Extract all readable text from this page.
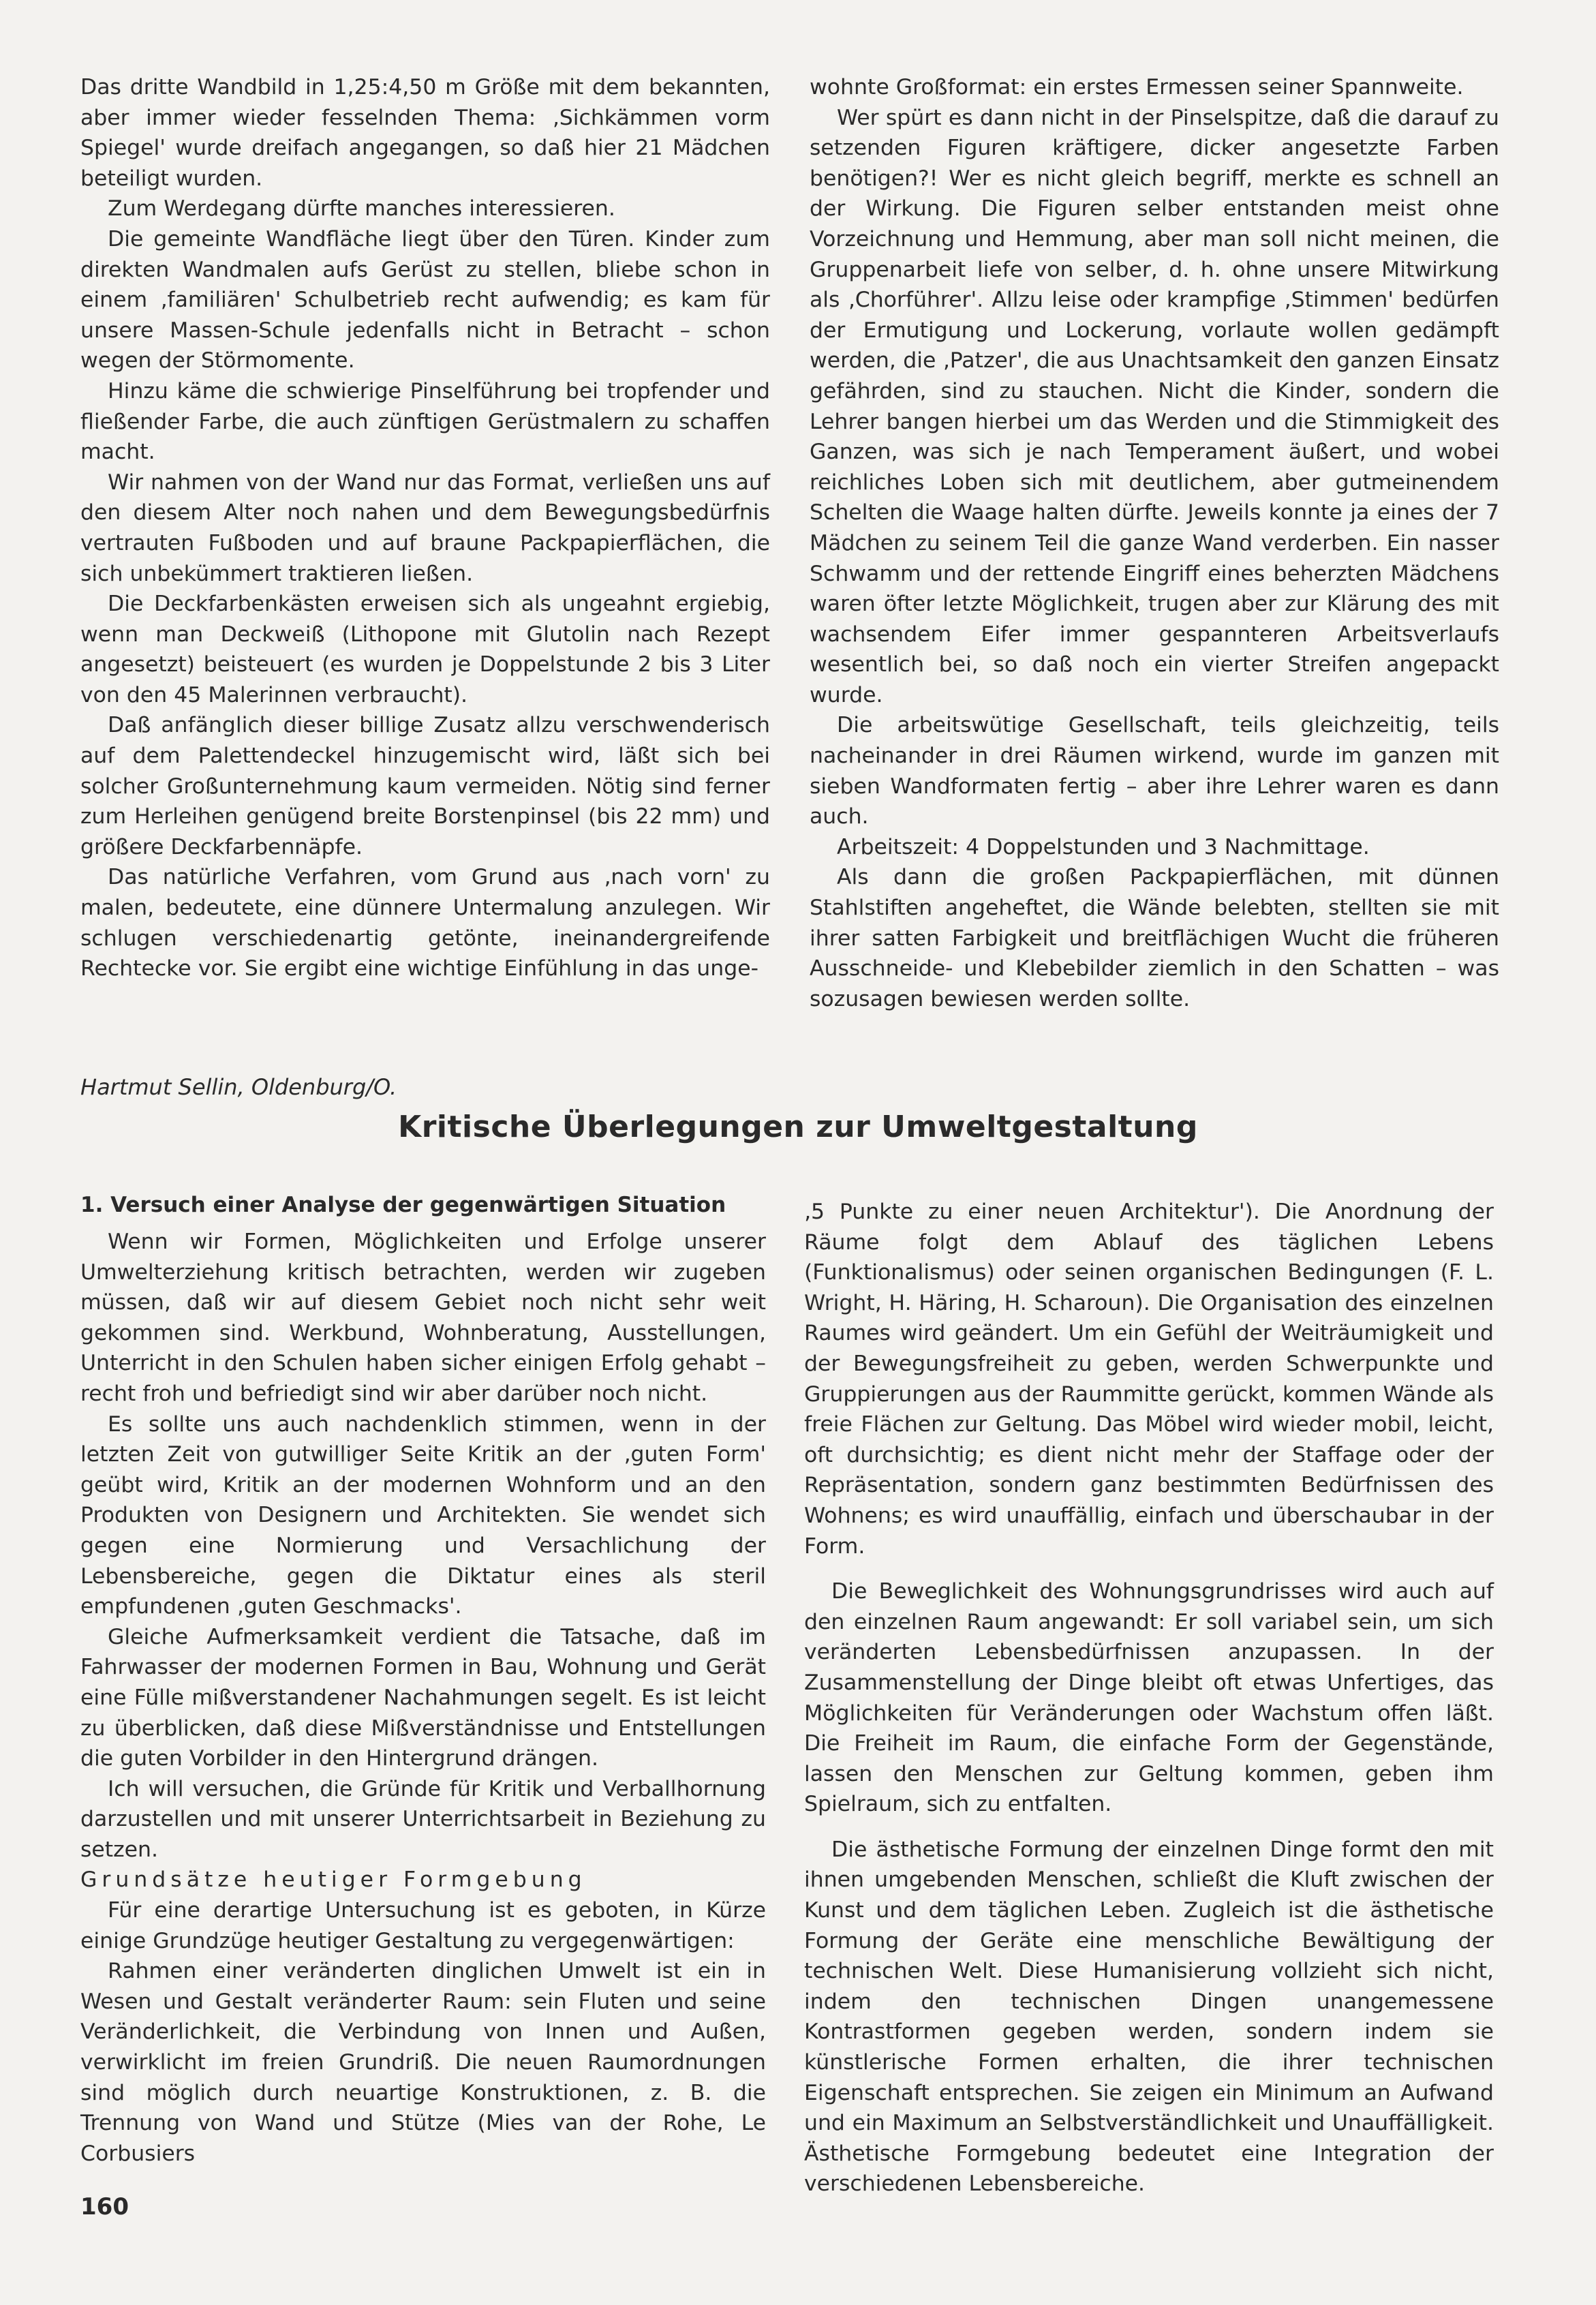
Das dritte Wandbild in 1,25:4,50 m Größe mit dem bekannten, aber immer wieder fesselnden Thema: ‚Sichkämmen vorm Spiegel' wurde dreifach angegangen, so daß hier 21 Mädchen beteiligt wurden.

Zum Werdegang dürfte manches interessieren.

Die gemeinte Wandfläche liegt über den Türen. Kinder zum direkten Wandmalen aufs Gerüst zu stellen, bliebe schon in einem ‚familiären' Schulbetrieb recht aufwendig; es kam für unsere Massen-Schule jedenfalls nicht in Betracht – schon wegen der Störmomente.

Hinzu käme die schwierige Pinselführung bei tropfender und fließender Farbe, die auch zünftigen Gerüstmalern zu schaffen macht.

Wir nahmen von der Wand nur das Format, verließen uns auf den diesem Alter noch nahen und dem Bewegungsbedürfnis vertrauten Fußboden und auf braune Packpapierflächen, die sich unbekümmert traktieren ließen.

Die Deckfarbenkästen erweisen sich als ungeahnt ergiebig, wenn man Deckweiß (Lithopone mit Glutolin nach Rezept angesetzt) beisteuert (es wurden je Doppelstunde 2 bis 3 Liter von den 45 Malerinnen verbraucht).

Daß anfänglich dieser billige Zusatz allzu verschwenderisch auf dem Palettendeckel hinzugemischt wird, läßt sich bei solcher Großunternehmung kaum vermeiden. Nötig sind ferner zum Herleihen genügend breite Borstenpinsel (bis 22 mm) und größere Deckfarbennäpfe.

Das natürliche Verfahren, vom Grund aus ‚nach vorn' zu malen, bedeutete, eine dünnere Untermalung anzulegen. Wir schlugen verschiedenartig getönte, ineinandergreifende Rechtecke vor. Sie ergibt eine wichtige Einfühlung in das unge-

wohnte Großformat: ein erstes Ermessen seiner Spannweite.

Wer spürt es dann nicht in der Pinselspitze, daß die darauf zu setzenden Figuren kräftigere, dicker angesetzte Farben benötigen?! Wer es nicht gleich begriff, merkte es schnell an der Wirkung. Die Figuren selber entstanden meist ohne Vorzeichnung und Hemmung, aber man soll nicht meinen, die Gruppenarbeit liefe von selber, d. h. ohne unsere Mitwirkung als ‚Chorführer'. Allzu leise oder krampfige ‚Stimmen' bedürfen der Ermutigung und Lockerung, vorlaute wollen gedämpft werden, die ‚Patzer', die aus Unachtsamkeit den ganzen Einsatz gefährden, sind zu stauchen. Nicht die Kinder, sondern die Lehrer bangen hierbei um das Werden und die Stimmigkeit des Ganzen, was sich je nach Temperament äußert, und wobei reichliches Loben sich mit deutlichem, aber gutmeinendem Schelten die Waage halten dürfte. Jeweils konnte ja eines der 7 Mädchen zu seinem Teil die ganze Wand verderben. Ein nasser Schwamm und der rettende Eingriff eines beherzten Mädchens waren öfter letzte Möglichkeit, trugen aber zur Klärung des mit wachsendem Eifer immer gespannteren Arbeitsverlaufs wesentlich bei, so daß noch ein vierter Streifen angepackt wurde.

Die arbeitswütige Gesellschaft, teils gleichzeitig, teils nacheinander in drei Räumen wirkend, wurde im ganzen mit sieben Wandformaten fertig – aber ihre Lehrer waren es dann auch.

Arbeitszeit: 4 Doppelstunden und 3 Nachmittage.

Als dann die großen Packpapierflächen, mit dünnen Stahlstiften angeheftet, die Wände belebten, stellten sie mit ihrer satten Farbigkeit und breitflächigen Wucht die früheren Ausschneide- und Klebebilder ziemlich in den Schatten – was sozusagen bewiesen werden sollte.

Hartmut Sellin, Oldenburg/O.
Kritische Überlegungen zur Umweltgestaltung
1. Versuch einer Analyse der gegenwärtigen Situation

Wenn wir Formen, Möglichkeiten und Erfolge unserer Umwelterziehung kritisch betrachten, werden wir zugeben müssen, daß wir auf diesem Gebiet noch nicht sehr weit gekommen sind. Werkbund, Wohnberatung, Ausstellungen, Unterricht in den Schulen haben sicher einigen Erfolg gehabt – recht froh und befriedigt sind wir aber darüber noch nicht.

Es sollte uns auch nachdenklich stimmen, wenn in der letzten Zeit von gutwilliger Seite Kritik an der ‚guten Form' geübt wird, Kritik an der modernen Wohnform und an den Produkten von Designern und Architekten. Sie wendet sich gegen eine Normierung und Versachlichung der Lebensbereiche, gegen die Diktatur eines als steril empfundenen ‚guten Geschmacks'.

Gleiche Aufmerksamkeit verdient die Tatsache, daß im Fahrwasser der modernen Formen in Bau, Wohnung und Gerät eine Fülle mißverstandener Nachahmungen segelt. Es ist leicht zu überblicken, daß diese Mißverständnisse und Entstellungen die guten Vorbilder in den Hintergrund drängen.

Ich will versuchen, die Gründe für Kritik und Verballhornung darzustellen und mit unserer Unterrichtsarbeit in Beziehung zu setzen.

Grundsätze heutiger Formgebung

Für eine derartige Untersuchung ist es geboten, in Kürze einige Grundzüge heutiger Gestaltung zu vergegenwärtigen:

Rahmen einer veränderten dinglichen Umwelt ist ein in Wesen und Gestalt veränderter Raum: sein Fluten und seine Veränderlichkeit, die Verbindung von Innen und Außen, verwirklicht im freien Grundriß. Die neuen Raumordnungen sind möglich durch neuartige Konstruktionen, z. B. die Trennung von Wand und Stütze (Mies van der Rohe, Le Corbusiers

‚5 Punkte zu einer neuen Architektur'). Die Anordnung der Räume folgt dem Ablauf des täglichen Lebens (Funktionalismus) oder seinen organischen Bedingungen (F. L. Wright, H. Häring, H. Scharoun). Die Organisation des einzelnen Raumes wird geändert. Um ein Gefühl der Weiträumigkeit und der Bewegungsfreiheit zu geben, werden Schwerpunkte und Gruppierungen aus der Raummitte gerückt, kommen Wände als freie Flächen zur Geltung. Das Möbel wird wieder mobil, leicht, oft durchsichtig; es dient nicht mehr der Staffage oder der Repräsentation, sondern ganz bestimmten Bedürfnissen des Wohnens; es wird unauffällig, einfach und überschaubar in der Form.

Die Beweglichkeit des Wohnungsgrundrisses wird auch auf den einzelnen Raum angewandt: Er soll variabel sein, um sich veränderten Lebensbedürfnissen anzupassen. In der Zusammenstellung der Dinge bleibt oft etwas Unfertiges, das Möglichkeiten für Veränderungen oder Wachstum offen läßt. Die Freiheit im Raum, die einfache Form der Gegenstände, lassen den Menschen zur Geltung kommen, geben ihm Spielraum, sich zu entfalten.

Die ästhetische Formung der einzelnen Dinge formt den mit ihnen umgebenden Menschen, schließt die Kluft zwischen der Kunst und dem täglichen Leben. Zugleich ist die ästhetische Formung der Geräte eine menschliche Bewältigung der technischen Welt. Diese Humanisierung vollzieht sich nicht, indem den technischen Dingen unangemessene Kontrastformen gegeben werden, sondern indem sie künstlerische Formen erhalten, die ihrer technischen Eigenschaft entsprechen. Sie zeigen ein Minimum an Aufwand und ein Maximum an Selbstverständlichkeit und Unauffälligkeit. Ästhetische Formgebung bedeutet eine Integration der verschiedenen Lebensbereiche.

160
